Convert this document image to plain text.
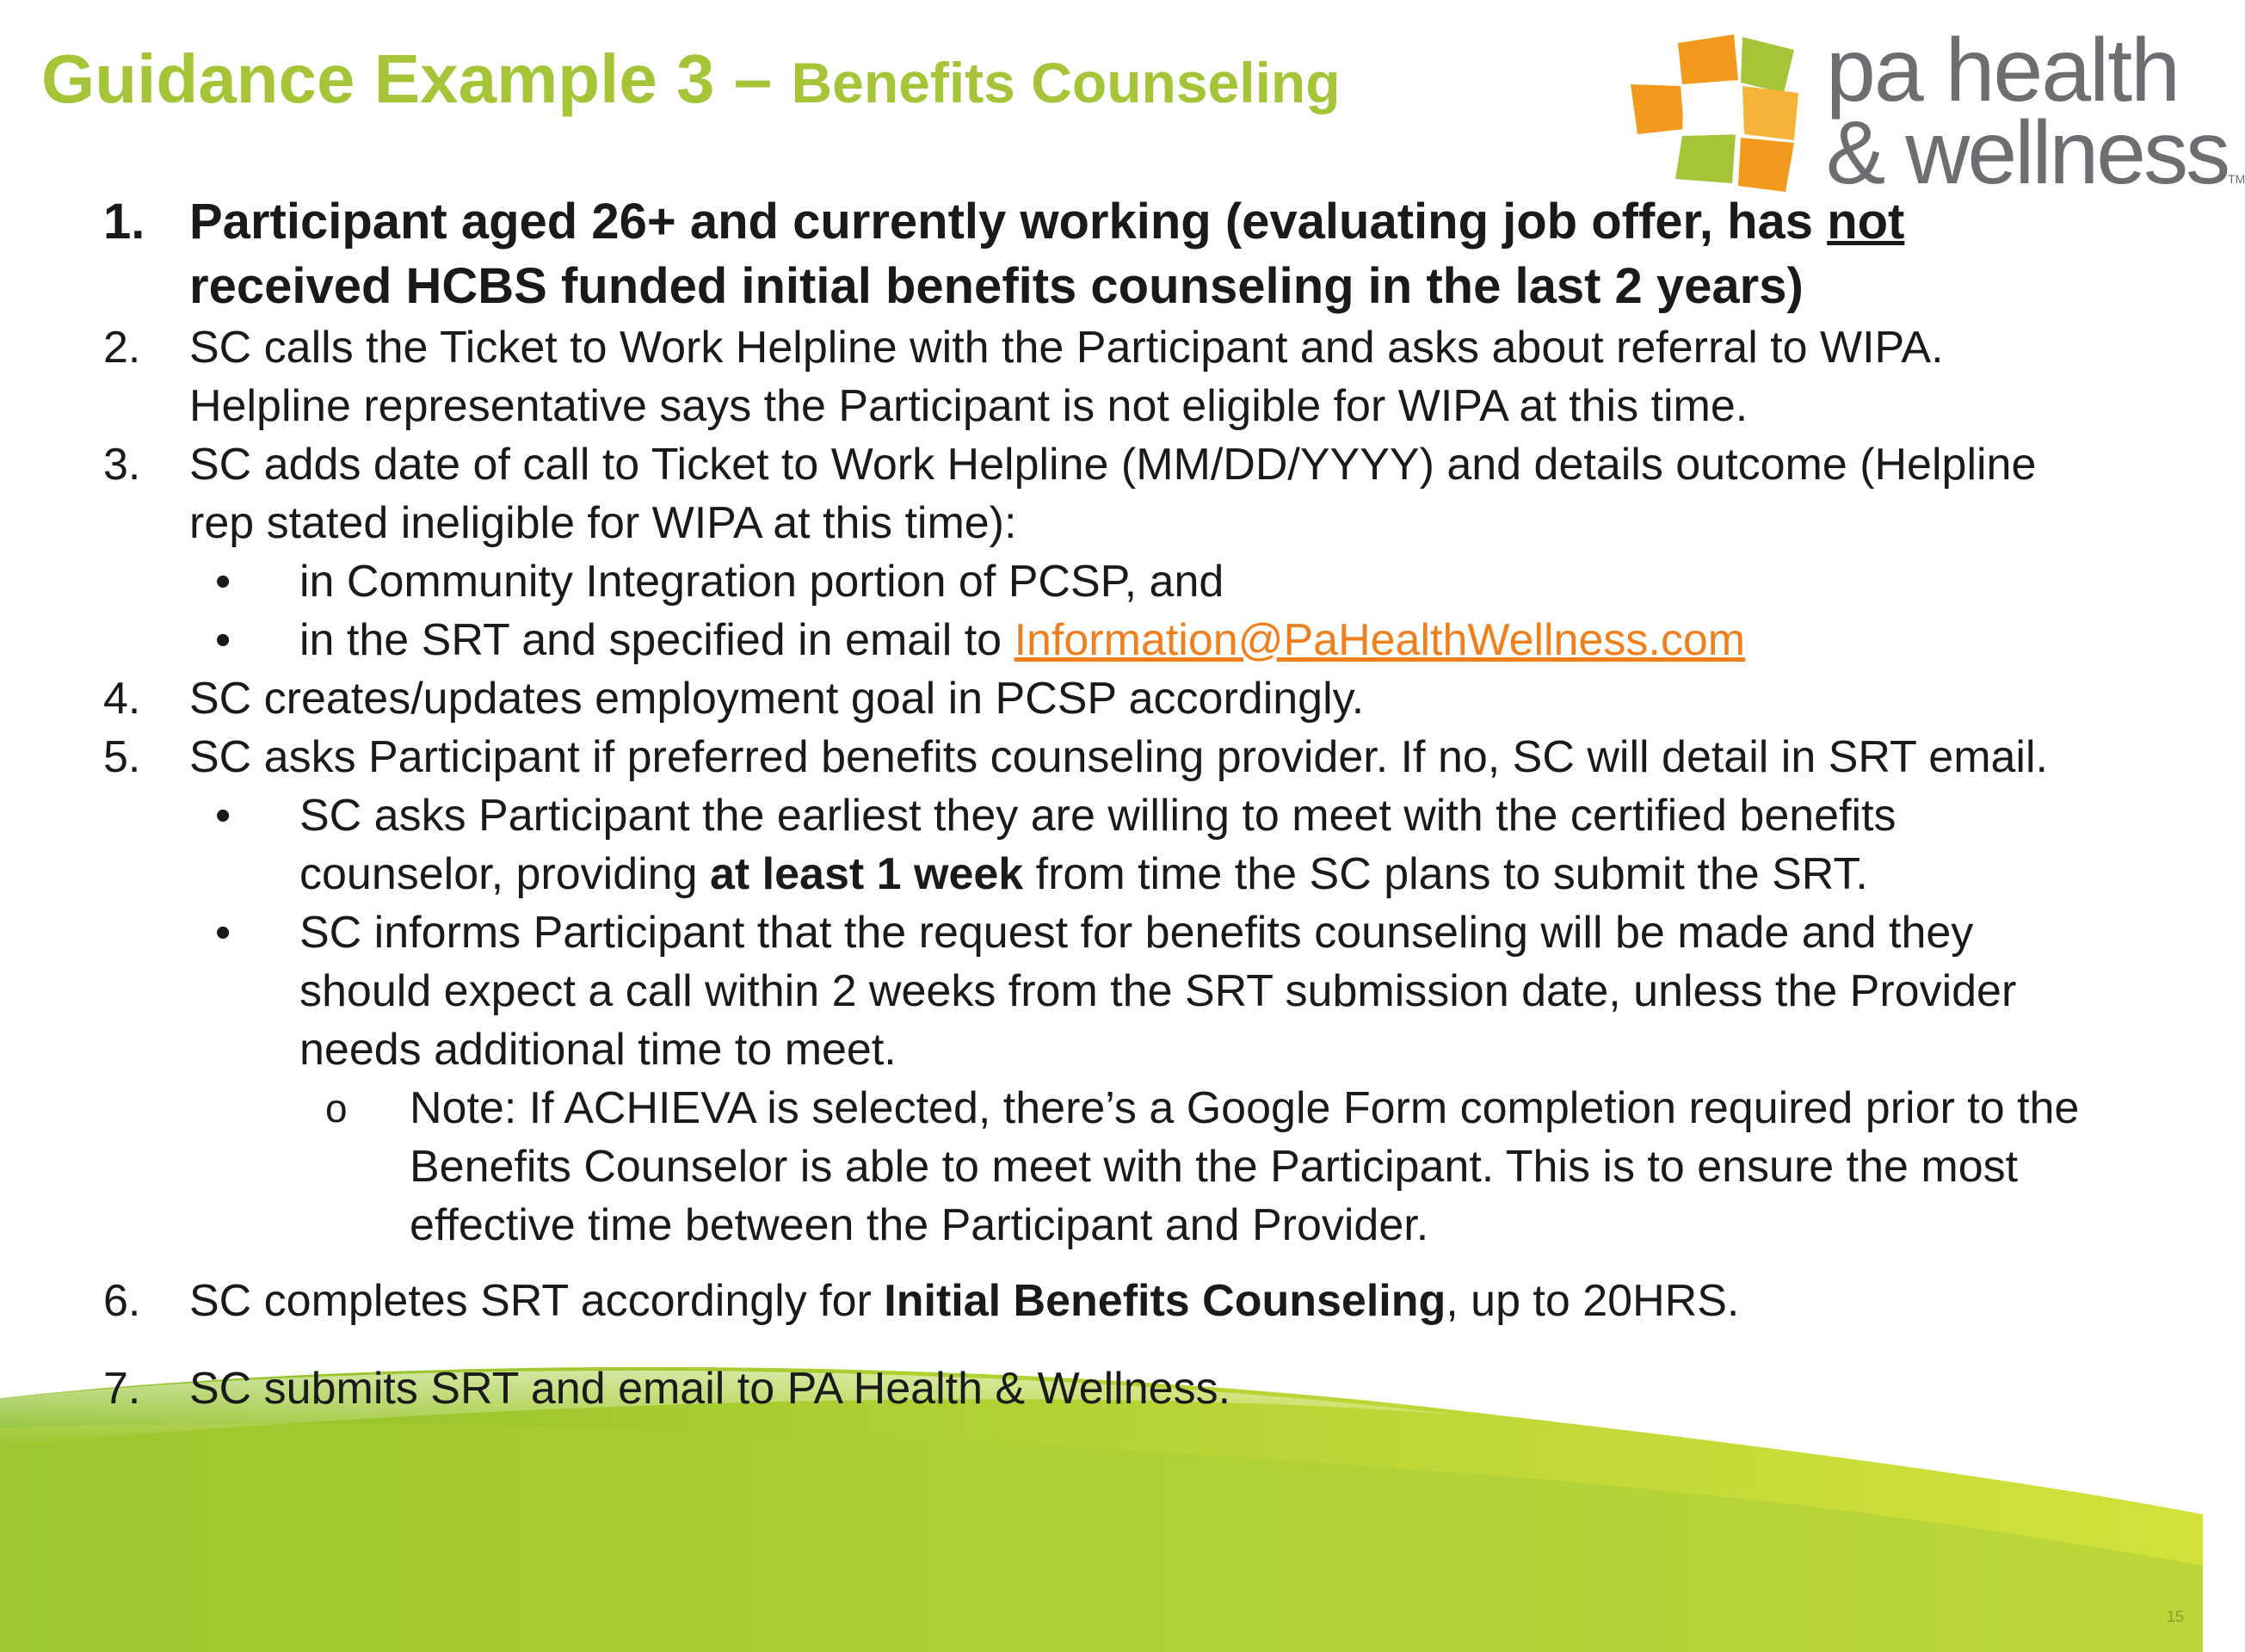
Guidance Example 3 – Benefits Counseling	pa health
& wellnessTM
1. Participant aged 26+ and currently working (evaluating job offer, has not received HCBS funded initial benefits counseling in the last 2 years)
2. SC calls the Ticket to Work Helpline with the Participant and asks about referral to WIPA. Helpline representative says the Participant is not eligible for WIPA at this time.
3. SC adds date of call to Ticket to Work Helpline (MM/DD/YYYY) and details outcome (Helpline rep stated ineligible for WIPA at this time):
• in Community Integration portion of PCSP, and
• in the SRT and specified in email to Information@PaHealthWellness.com
4. SC creates/updates employment goal in PCSP accordingly.
5. SC asks Participant if preferred benefits counseling provider. If no, SC will detail in SRT email.
• SC asks Participant the earliest they are willing to meet with the certified benefits counselor, providing at least 1 week from time the SC plans to submit the SRT.
• SC informs Participant that the request for benefits counseling will be made and they should expect a call within 2 weeks from the SRT submission date, unless the Provider needs additional time to meet.
o Note: If ACHIEVA is selected, there’s a Google Form completion required prior to the Benefits Counselor is able to meet with the Participant. This is to ensure the most effective time between the Participant and Provider.
6. SC completes SRT accordingly for Initial Benefits Counseling, up to 20HRS.
7. SC submits SRT and email to PA Health & Wellness.
15
